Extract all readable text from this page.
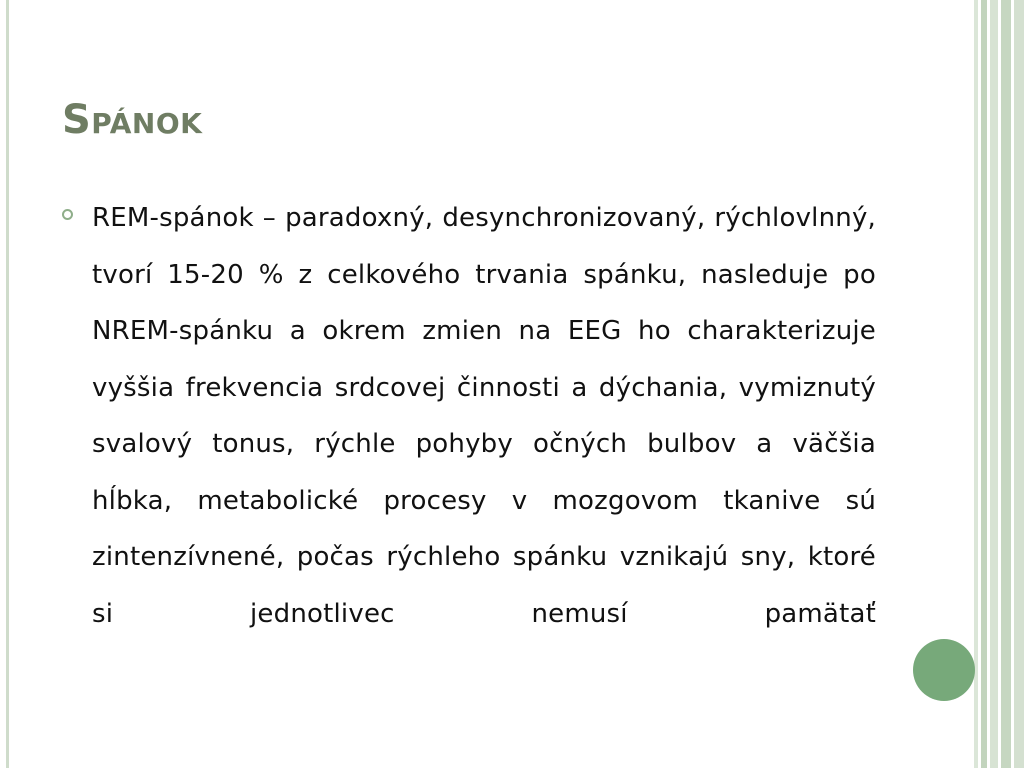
Spánok

REM-spánok – paradoxný, desynchronizovaný, rýchlovlnný, tvorí 15-20 % z celkového trvania spánku, nasleduje po NREM-spánku a okrem zmien na EEG ho charakterizuje vyššia frekvencia srdcovej činnosti a dýchania, vymiznutý svalový tonus, rýchle pohyby očných bulbov a väčšia hĺbka, metabolické procesy v mozgovom tkanive sú zintenzívnené, počas rýchleho spánku vznikajú sny, ktoré si jednotlivec nemusí pamätať
